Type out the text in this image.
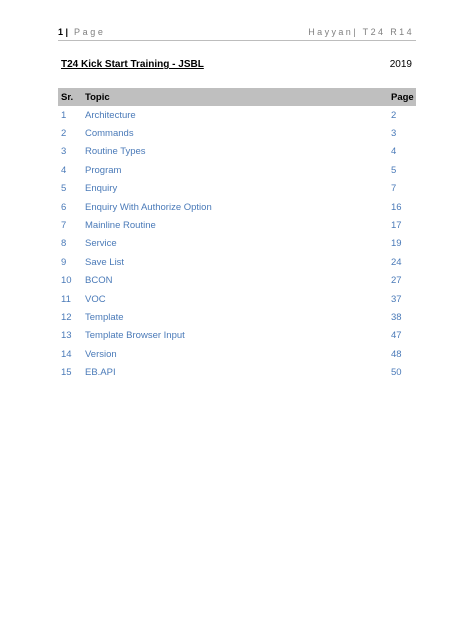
1 | Page	Hayyan| T24 R14
T24 Kick Start Training - JSBL	2019
Sr.	Topic	Page
1	Architecture	2
2	Commands	3
3	Routine Types	4
4	Program	5
5	Enquiry	7
6	Enquiry With Authorize Option	16
7	Mainline Routine	17
8	Service	19
9	Save List	24
10	BCON	27
11	VOC	37
12	Template	38
13	Template Browser Input	47
14	Version	48
15	EB.API	50
